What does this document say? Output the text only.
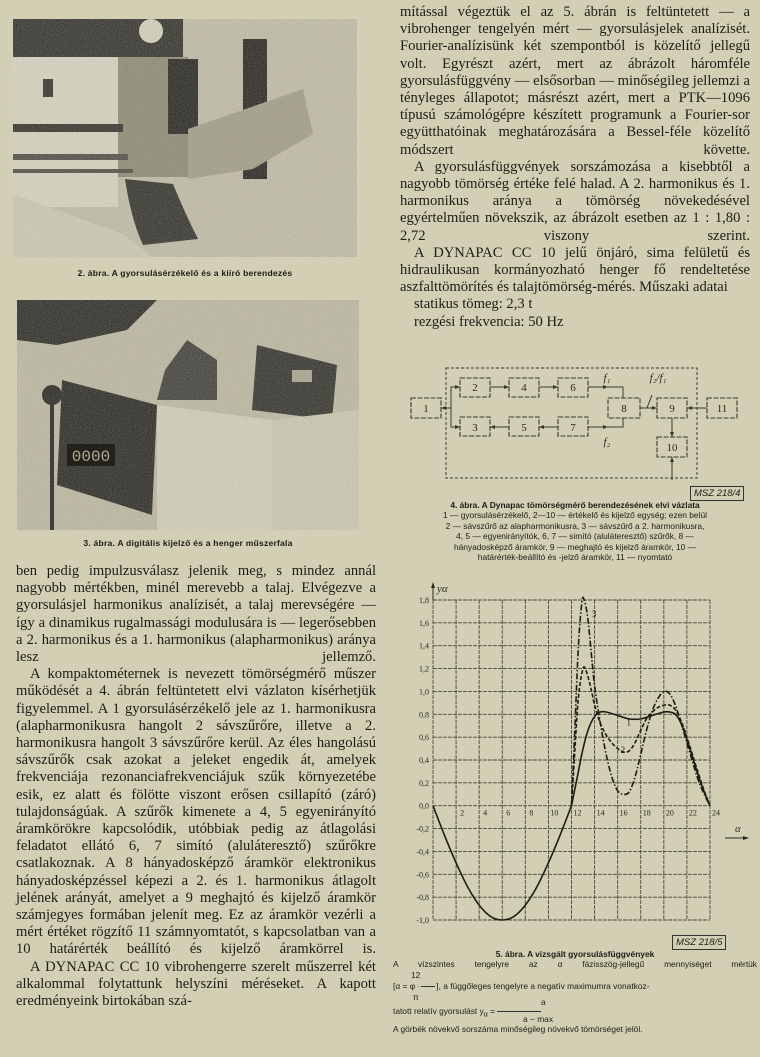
2. ábra. A gyorsulásérzékelő és a kiíró berendezés
0000
3. ábra. A digitális kijelző és a henger műszerfala

mítással végeztük el az 5. ábrán is feltüntetett — a vibrohenger tengelyén mért — gyorsulásjelek analízisét. Fourier-analízisünk két szempontból is közelítő jellegű volt. Egyrészt azért, mert az ábrázolt háromféle gyorsulásfüggvény — elsősorban — minőségileg jellemzi a tényleges állapotot; másrészt azért, mert a PTK—1096 típusú számológépre készített programunk a Fourier-sor együtthatóinak meghatározására a Bessel-féle közelítő módszert követte.

A gyorsulásfüggvények sorszámozása a kisebbtől a nagyobb tömörség értéke felé halad. A 2. harmonikus és 1. harmonikus aránya a tömörség növekedésével egyértelműen növekszik, az ábrázolt esetben az 1 : 1,80 : 2,72 viszony szerint.

A DYNAPAC CC 10 jelű önjáró, sima felületű és hidraulikusan kormányozható henger fő rendeltetése aszfalttömörítés és talajtömörség-mérés. Műszaki adatai

statikus tömeg: 2,3 t

rezgési frekvencia: 50 Hz

1
2
3
4
5
6
7
8	9
10
11
f₁
f₂
f₂/f₁
MSZ 218/4
4. ábra. A Dynapac tömörségmérő berendezésének elvi vázlata
1 — gyorsulásérzékelő, 2—10 — értékelő és kijelző egység; ezen belül
2 — sávszűrő az alapharmonikusra, 3 — sávszűrő a 2. harmonikusra,
4, 5 — egyenirányítók, 6, 7 — simító (aluláteresztő) szűrők, 8 —
hányadosképző áramkör, 9 — meghajtó és kijelző áramkör, 10 —
határérték-beállító és -jelző áramkör, 11 — nyomtató

ben pedig impulzusválasz jelenik meg, s mindez annál nagyobb mértékben, minél merevebb a talaj. Elvégezve a gyorsulásjel harmonikus analízisét, a talaj merevségére — így a dinamikus rugalmassági modulusára is — legerősebben a 2. harmonikus és a 1. harmonikus (alapharmonikus) aránya lesz jellemző.

A kompaktométernek is nevezett tömörségmérő műszer működését a 4. ábrán feltüntetett elvi vázlaton kísérhetjük figyelemmel. A 1 gyorsulásérzékelő jele az 1. harmonikusra (alapharmonikusra hangolt 2 sávszűrőre, illetve a 2. harmonikusra hangolt 3 sávszűrőre kerül. Az éles hangolású sávszűrők csak azokat a jeleket engedik át, amelyek frekvenciája rezonanciafrekvenciájuk szűk környezetébe esik, ez alatt és fölötte viszont erősen csillapító (záró) tulajdonságúak. A szűrők kimenete a 4, 5 egyenirányító áramkörökre kapcsolódik, utóbbiak pedig az átlagolási feladatot ellátó 6, 7 simító (aluláteresztő) szűrőkre csatlakoznak. A 8 hányadosképző áramkör elektronikus hányadosképzéssel képezi a 2. és 1. harmonikus átlagolt jelének arányát, amelyet a 9 meghajtó és kijelző áramkör számjegyes formában jelenít meg. Ez az áramkör vezérli a mért értéket rögzítő 11 számnyomtatót, s kapcsolatban van a 10 határérték beállító és kijelző áramkörrel is.

A DYNAPAC CC 10 vibrohengerre szerelt műszerrel két alkalommal folytattunk helyszíni méréseket. A kapott eredményeink birtokában szá-

-1,0
-0,8
-0,6
-0,4
-0,2
0,0
0,2
0,4
0,6
0,8
1,0
1,2
1,4
1,6
1,8
2 4 6 8 10 12 14 16 18 20 22 24
1
2
3
yα
α
MSZ 218/5
5. ábra. A vizsgált gyorsulásfüggvények
A vízszintes tengelyre az α fázisszög-jellegű mennyiséget mértük
12
[α = φ · ], a függőleges tengelyre a negatív maximumra vonatkoz-
π
tatott relatív gyorsulást $y_\alpha$ =
a
a − max
A görbék növekvő sorszáma minőségileg növekvő tömörséget jelöl.
